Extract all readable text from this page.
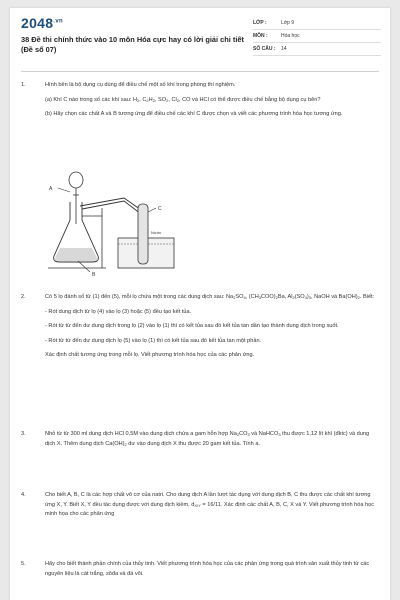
$2048^{.vn}$
38 Đề thi chính thức vào 10 môn Hóa cực hay có lời giải chi tiết (Đề số 07)
LỚP :	Lớp 9
MÔN :	Hóa học
SỐ CÂU :	14
1.	Hình bên là bộ dụng cụ dùng để điều chế một số khí trong phòng thí nghiệm.

(a) Khí C nào trong số các khí sau: $H_2$, $C_2H_2$, $SO_2$, $Cl_2$, CO và HCl có thể được điều chế bằng bộ dụng cụ bên?

(b) Hãy chọn các chất A và B tương ứng để điều chế các khí C được chọn và viết các phương trình hóa học tương ứng.

A
B
C
Nước
2.	Có 5 lọ đánh số từ (1) đến (5), mỗi lọ chứa một trong các dung dịch sau: $Na_2SO_4$, $(CH_3COO)_2Ba$, $Al_2(SO_4)_3$, NaOH và $Ba(OH)_2$. Biết:

- Rót dung dịch từ lọ (4) vào lọ (3) hoặc (5) đều tạo kết tủa.

- Rót từ từ đến dư dung dịch trong lọ (2) vào lọ (1) thì có kết tủa sau đó kết tủa tan dần tạo thành dung dịch trong suốt.

- Rót từ từ đến dư dung dịch lọ (5) vào lọ (1) thì có kết tủa sau đó kết tủa tan một phần.

Xác định chất tương ứng trong mỗi lọ. Viết phương trình hóa học của các phản ứng.

3.	Nhỏ từ từ 300 ml dung dịch HCl 0,5M vào dung dịch chứa a gam hỗn hợp $Na_2CO_3$ và NaHCO$_3$ thu được 1,12 lít khí (đktc) và dung dịch X. Thêm dung dịch $Ca(OH)_2$ dư vào dung dịch X thu được 20 gam kết tủa. Tính a.

4.	Cho biết A, B, C là các hợp chất vô cơ của natri. Cho dung dịch A lần lượt tác dụng với dung dịch B, C thu được các chất khí tương ứng X, Y. Biết X, Y đều tác dụng được với dung dịch kiềm, $d_{X/Y} = 16/11$. Xác định các chất A, B, C, X và Y. Viết phương trình hóa học minh họa cho các phản ứng

5.	Hãy cho biết thành phần chính của thủy tinh. Viết phương trình hóa học của các phản ứng trong quá trình sản xuất thủy tinh từ các nguyên liệu là cát trắng, sôđa và đá vôi.
